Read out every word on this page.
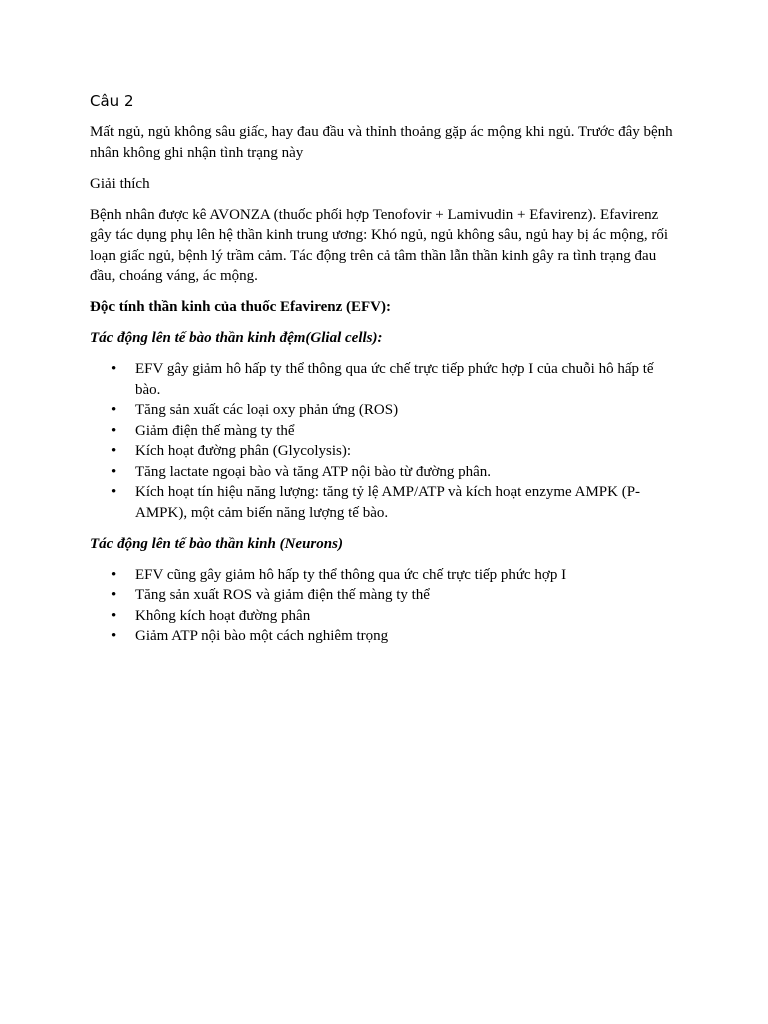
Câu 2

Mất ngủ, ngủ không sâu giấc, hay đau đầu và thỉnh thoảng gặp ác mộng khi ngủ. Trước đây bệnh nhân không ghi nhận tình trạng này

Giải thích

Bệnh nhân được kê AVONZA (thuốc phối hợp Tenofovir + Lamivudin + Efavirenz). Efavirenz gây tác dụng phụ lên hệ thần kinh trung ương: Khó ngủ, ngủ không sâu, ngủ hay bị ác mộng, rối loạn giấc ngủ, bệnh lý trầm cảm. Tác động trên cả tâm thần lẫn thần kinh gây ra tình trạng đau đầu, choáng váng, ác mộng.

Độc tính thần kinh của thuốc Efavirenz (EFV):

Tác động lên tế bào thần kinh đệm(Glial cells):

• EFV gây giảm hô hấp ty thể thông qua ức chế trực tiếp phức hợp I của chuỗi hô hấp tế bào.
• Tăng sản xuất các loại oxy phản ứng (ROS)
• Giảm điện thế màng ty thể
• Kích hoạt đường phân (Glycolysis):
• Tăng lactate ngoại bào và tăng ATP nội bào từ đường phân.
• Kích hoạt tín hiệu năng lượng: tăng tỷ lệ AMP/ATP và kích hoạt enzyme AMPK (P-AMPK), một cảm biến năng lượng tế bào.

Tác động lên tế bào thần kinh (Neurons)

• EFV cũng gây giảm hô hấp ty thể thông qua ức chế trực tiếp phức hợp I
• Tăng sản xuất ROS và giảm điện thế màng ty thể
• Không kích hoạt đường phân
• Giảm ATP nội bào một cách nghiêm trọng
